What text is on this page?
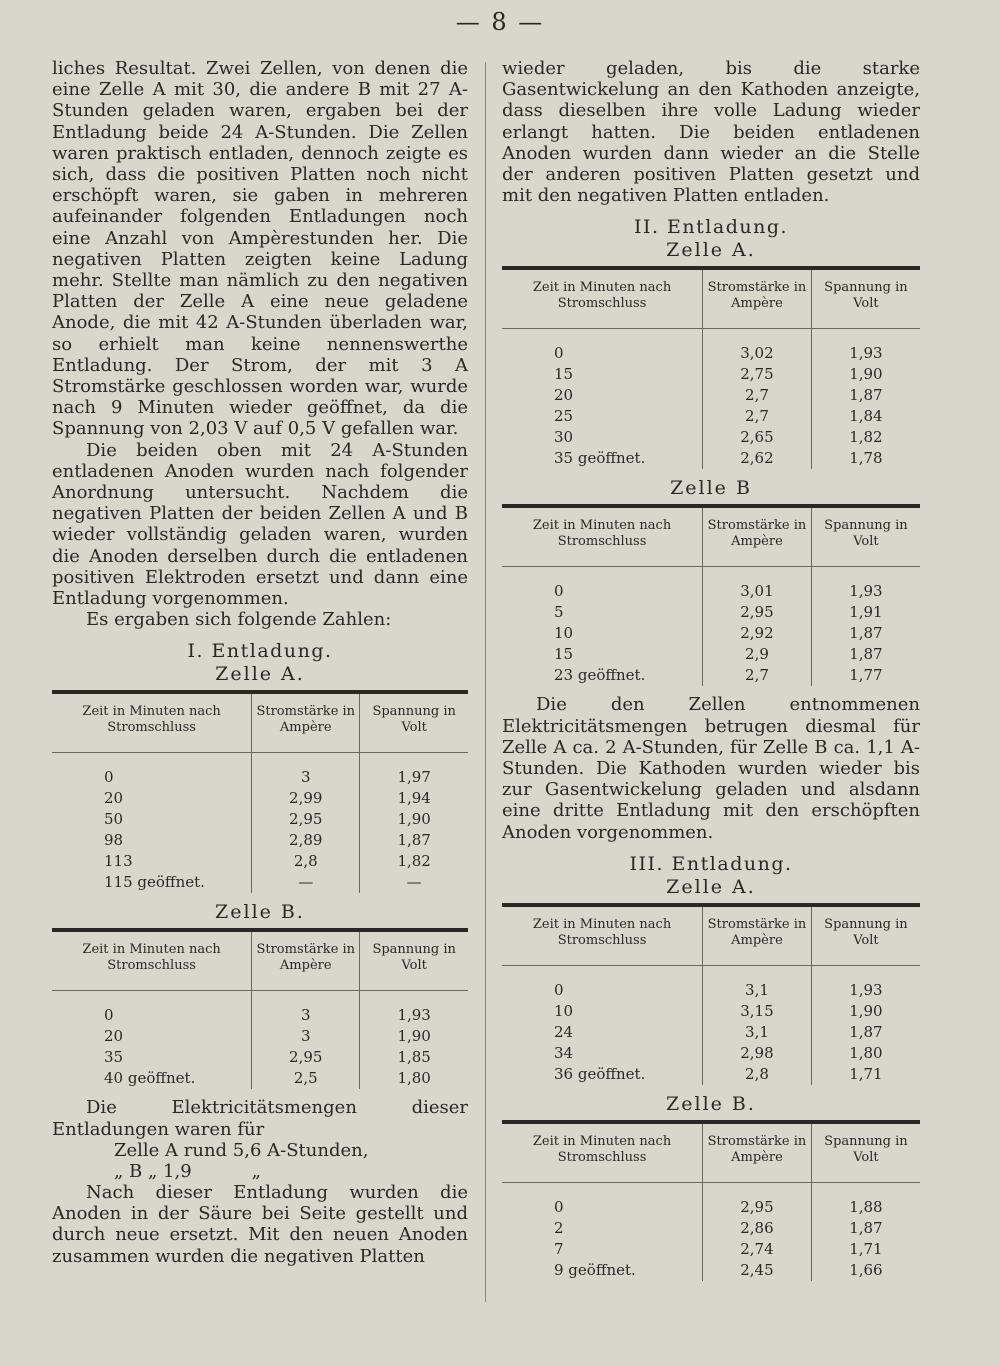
— 8 —

liches Resultat. Zwei Zellen, von denen die eine Zelle A mit 30, die andere B mit 27 A-Stunden geladen waren, ergaben bei der Entladung beide 24 A-Stunden. Die Zellen waren praktisch entladen, dennoch zeigte es sich, dass die positiven Platten noch nicht erschöpft waren, sie gaben in mehreren aufeinander folgenden Entladungen noch eine Anzahl von Ampèrestunden her. Die negativen Platten zeigten keine Ladung mehr. Stellte man nämlich zu den negativen Platten der Zelle A eine neue geladene Anode, die mit 42 A-Stunden überladen war, so erhielt man keine nennenswerthe Entladung. Der Strom, der mit 3 A Stromstärke geschlossen worden war, wurde nach 9 Minuten wieder geöffnet, da die Spannung von 2,03 V auf 0,5 V gefallen war.

Die beiden oben mit 24 A-Stunden entladenen Anoden wurden nach folgender Anordnung untersucht. Nachdem die negativen Platten der beiden Zellen A und B wieder vollständig geladen waren, wurden die Anoden derselben durch die entladenen positiven Elektroden ersetzt und dann eine Entladung vorgenommen.

Es ergaben sich folgende Zahlen:

I. Entladung.
Zelle A.
Zeit in Minuten nach Stromschluss	Stromstärke in Ampère	Spannung in Volt
0	3	1,97
20	2,99	1,94
50	2,95	1,90
98	2,89	1,87
113	2,8	1,82
115 geöffnet.	—	—
Zelle B.
Zeit in Minuten nach Stromschluss	Stromstärke in Ampère	Spannung in Volt
0	3	1,93
20	3	1,90
35	2,95	1,85
40 geöffnet.	2,5	1,80

Die Elektricitätsmengen dieser Entladungen waren für

Zelle A rund 5,6 A-Stunden,
„ B „ 1,9	„

Nach dieser Entladung wurden die Anoden in der Säure bei Seite gestellt und durch neue ersetzt. Mit den neuen Anoden zusammen wurden die negativen Platten

wieder geladen, bis die starke Gasentwickelung an den Kathoden anzeigte, dass dieselben ihre volle Ladung wieder erlangt hatten. Die beiden entladenen Anoden wurden dann wieder an die Stelle der anderen positiven Platten gesetzt und mit den negativen Platten entladen.

II. Entladung.
Zelle A.
Zeit in Minuten nach Stromschluss	Stromstärke in Ampère	Spannung in Volt
0	3,02	1,93
15	2,75	1,90
20	2,7	1,87
25	2,7	1,84
30	2,65	1,82
35 geöffnet.	2,62	1,78
Zelle B
Zeit in Minuten nach Stromschluss	Stromstärke in Ampère	Spannung in Volt
0	3,01	1,93
5	2,95	1,91
10	2,92	1,87
15	2,9	1,87
23 geöffnet.	2,7	1,77

Die den Zellen entnommenen Elektricitätsmengen betrugen diesmal für Zelle A ca. 2 A-Stunden, für Zelle B ca. 1,1 A-Stunden. Die Kathoden wurden wieder bis zur Gasentwickelung geladen und alsdann eine dritte Entladung mit den erschöpften Anoden vorgenommen.

III. Entladung.
Zelle A.
Zeit in Minuten nach Stromschluss	Stromstärke in Ampère	Spannung in Volt
0	3,1	1,93
10	3,15	1,90
24	3,1	1,87
34	2,98	1,80
36 geöffnet.	2,8	1,71
Zelle B.
Zeit in Minuten nach Stromschluss	Stromstärke in Ampère	Spannung in Volt
0	2,95	1,88
2	2,86	1,87
7	2,74	1,71
9 geöffnet.	2,45	1,66
